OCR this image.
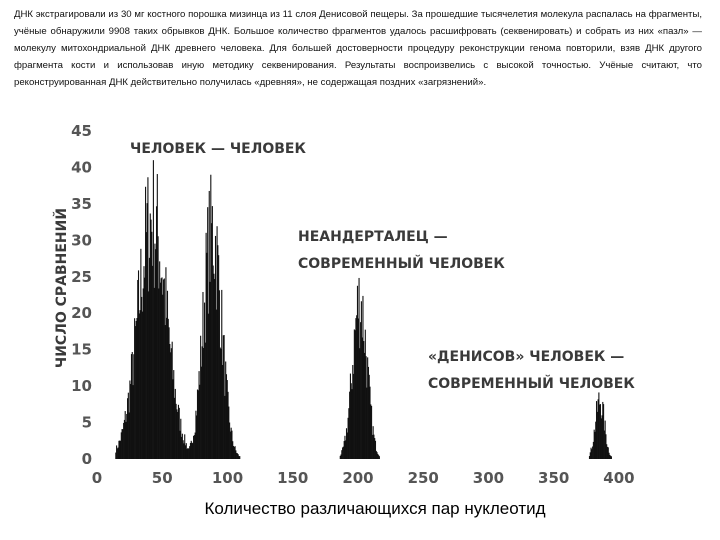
ДНК экстрагировали из 30 мг костного порошка мизинца из 11 слоя Денисовой пещеры. За прошедшие тысячелетия молекула распалась на фрагменты, учёные обнаружили 9908 таких обрывков ДНК. Большое количество фрагментов удалось расшифровать (секвенировать) и собрать из них «пазл» — молекулу митохондриальной ДНК древнего человека. Для большей достоверности процедуру реконструкции генома повторили, взяв ДНК другого фрагмента кости и использовав иную методику секвенирования. Результаты воспроизвелись с высокой точностью. Учёные считают, что реконструированная ДНК действительно получилась «древняя», не содержащая поздних «загрязнений».

ЧИСЛО СРАВНЕНИЙ
0
5
10
15
20
25
30
35
40
45
0	50	100 150 200 250 300 350 400
ЧЕЛОВЕК — ЧЕЛОВЕК
НЕАНДЕРТАЛЕЦ —
СОВРЕМЕННЫЙ ЧЕЛОВЕК
«ДЕНИСОВ» ЧЕЛОВЕК —
СОВРЕМЕННЫЙ ЧЕЛОВЕК
Количество различающихся пар нуклеотид
